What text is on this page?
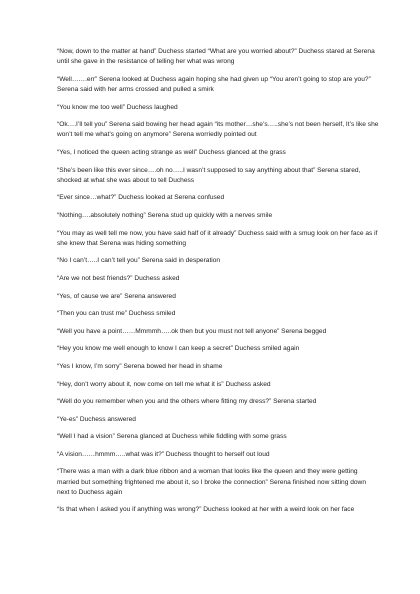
“Now, down to the matter at hand” Duchess started “What are you worried about?” Duchess stared at Serena until she gave in the resistance of telling her what was wrong

“Well…….err” Serena looked at Duchess again hoping she had given up “You aren’t going to stop are you?” Serena said with her arms crossed and pulled a smirk

“You know me too well” Duchess laughed

“Ok….I’ll tell you” Serena said bowing her head again “its mother…she’s…..she’s not been herself, It’s like she won’t tell me what’s going on anymore” Serena worriedly pointed out

“Yes, I noticed the queen acting strange as well” Duchess glanced at the grass

“She’s been like this ever since….oh no…..I wasn’t supposed to say anything about that” Serena stared, shocked at what she was about to tell Duchess

“Ever since…what?” Duchess looked at Serena confused

“Nothing….absolutely nothing” Serena stud up quickly with a nerves smile

“You may as well tell me now, you have said half of it already” Duchess said with a smug look on her face as if she knew that Serena was hiding something

“No I can’t…..I can’t tell you” Serena said in desperation

“Are we not best friends?” Duchess asked

“Yes, of cause we are” Serena answered

“Then you can trust me” Duchess smiled

“Well you have a point……Mmmmh…..ok then but you must not tell anyone” Serena begged

“Hey you know me well enough to know I can keep a secret” Duchess smiled again

“Yes I know, I’m sorry” Serena bowed her head in shame

“Hey, don’t worry about it, now come on tell me what it is” Duchess asked

“Well do you remember when you and the others where fitting my dress?” Serena started

“Ye-es” Duchess answered

“Well I had a vision” Serena glanced at Duchess while fiddling with some grass

“A vision……hmmm…..what was it?” Duchess thought to herself out loud

“There was a man with a dark blue ribbon and a woman that looks like the queen and they were getting married but something frightened me about it, so I broke the connection” Serena finished now sitting down next to Duchess again

“Is that when I asked you if anything was wrong?” Duchess looked at her with a weird look on her face
